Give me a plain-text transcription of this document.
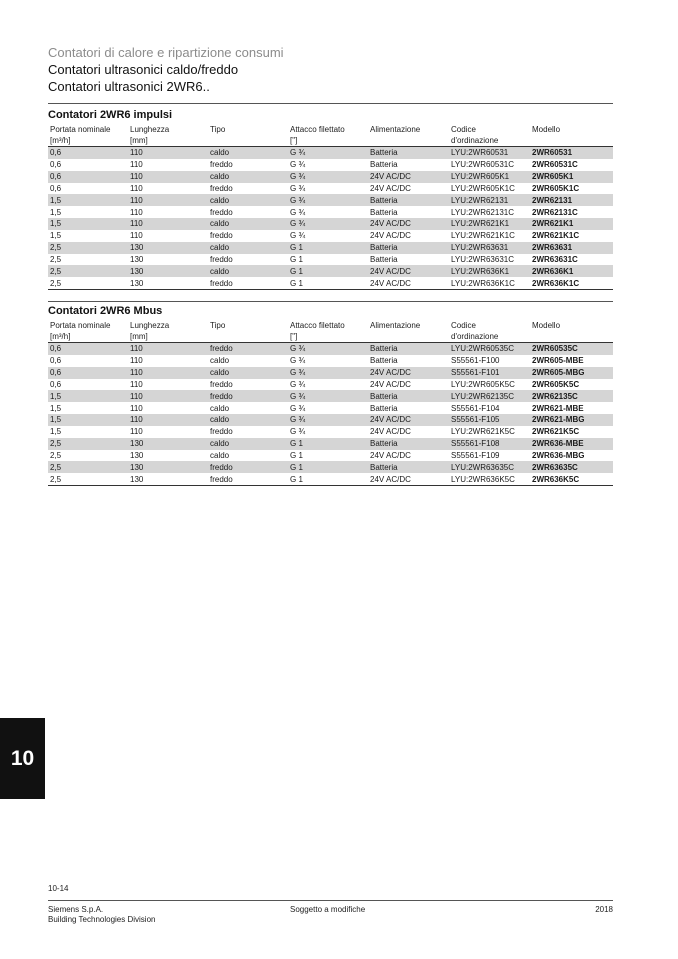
Contatori di calore e ripartizione consumi
Contatori ultrasonici caldo/freddo
Contatori ultrasonici 2WR6..
Contatori 2WR6 impulsi
Portata nominale
[m³/h]	Lunghezza
[mm]	Tipo	Attacco filettato
["]	Alimentazione	Codice
d'ordinazione	Modello

0,6	110	caldo	G ¾	Batteria	LYU:2WR60531	2WR60531
0,6	110	freddo	G ¾	Batteria	LYU:2WR60531C	2WR60531C
0,6	110	caldo	G ¾	24V AC/DC	LYU:2WR605K1	2WR605K1
0,6	110	freddo	G ¾	24V AC/DC	LYU:2WR605K1C	2WR605K1C
1,5	110	caldo	G ¾	Batteria	LYU:2WR62131	2WR62131
1,5	110	freddo	G ¾	Batteria	LYU:2WR62131C	2WR62131C
1,5	110	caldo	G ¾	24V AC/DC	LYU:2WR621K1	2WR621K1
1,5	110	freddo	G ¾	24V AC/DC	LYU:2WR621K1C	2WR621K1C
2,5	130	caldo	G 1	Batteria	LYU:2WR63631	2WR63631
2,5	130	freddo	G 1	Batteria	LYU:2WR63631C	2WR63631C
2,5	130	caldo	G 1	24V AC/DC	LYU:2WR636K1	2WR636K1
2,5	130	freddo	G 1	24V AC/DC	LYU:2WR636K1C	2WR636K1C
Contatori 2WR6 Mbus
Portata nominale
[m³/h]	Lunghezza
[mm]	Tipo	Attacco filettato
["]	Alimentazione	Codice
d'ordinazione	Modello

0,6	110	freddo	G ¾	Batteria	LYU:2WR60535C	2WR60535C
0,6	110	caldo	G ¾	Batteria	S55561-F100	2WR605-MBE
0,6	110	caldo	G ¾	24V AC/DC	S55561-F101	2WR605-MBG
0,6	110	freddo	G ¾	24V AC/DC	LYU:2WR605K5C	2WR605K5C
1,5	110	freddo	G ¾	Batteria	LYU:2WR62135C	2WR62135C
1,5	110	caldo	G ¾	Batteria	S55561-F104	2WR621-MBE
1,5	110	caldo	G ¾	24V AC/DC	S55561-F105	2WR621-MBG
1,5	110	freddo	G ¾	24V AC/DC	LYU:2WR621K5C	2WR621K5C
2,5	130	caldo	G 1	Batteria	S55561-F108	2WR636-MBE
2,5	130	caldo	G 1	24V AC/DC	S55561-F109	2WR636-MBG
2,5	130	freddo	G 1	Batteria	LYU:2WR63635C	2WR63635C
2,5	130	freddo	G 1	24V AC/DC	LYU:2WR636K5C	2WR636K5C
10
10-14
Siemens S.p.A.
Building Technologies Division
Soggetto a modifiche	2018
